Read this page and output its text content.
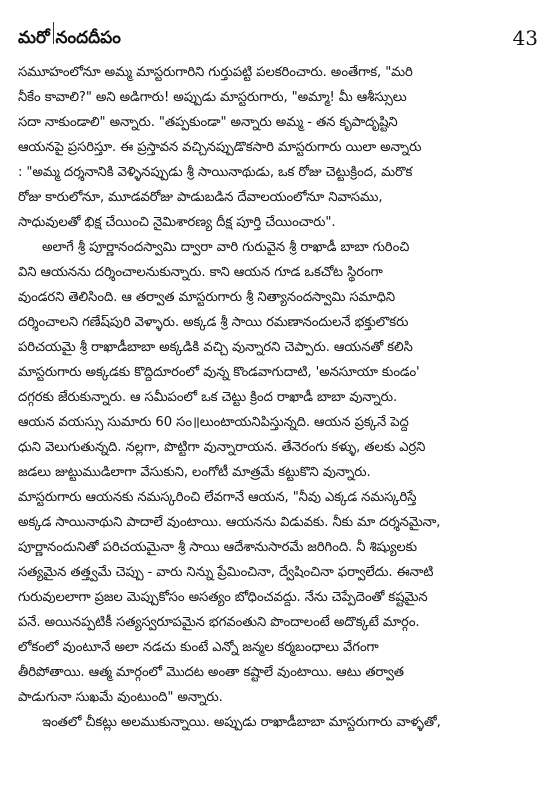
మరో నందదీపం	43
సమూహంలోనూ అమ్మ మాస్టరుగారిని గుర్తుపట్టి పలకరించారు. అంతేగాక, "మరి
నీకేం కావాలి?" అని అడిగారు! అప్పుడు మాస్టరుగారు, "అమ్మా! మీ ఆశీస్సులు
సదా నాకుండాలి" అన్నారు. "తప్పకుండా" అన్నారు అమ్మ - తన కృపాదృష్టిని
ఆయనపై ప్రసరిస్తూ. ఈ ప్రస్తావన వచ్చినప్పుడొకసారి మాస్టరుగారు యిలా అన్నారు
: "అమ్మ దర్శనానికి వెళ్ళినప్పుడు శ్రీ సాయినాథుడు, ఒక రోజు చెట్టుక్రింద, మరొక
రోజు కారులోనూ, మూడవరోజు పాడుబడిన దేవాలయంలోనూ నివాసము,
సాధువులతో భిక్ష చేయించి నైమిశారణ్య దీక్ష పూర్తి చేయించారు".
అలాగే శ్రీ పూర్ణానందస్వామి ద్వారా వారి గురువైన శ్రీ రాఖాడీ బాబా గురించి
విని ఆయనను దర్శించాలనుకున్నారు. కాని ఆయన గూడ ఒకచోట స్థిరంగా
వుండరని తెలిసింది. ఆ తర్వాత మాస్టరుగారు శ్రీ నిత్యానందస్వామి సమాధిని
దర్శించాలని గణేష్‌పురి వెళ్ళారు. అక్కడ శ్రీ సాయి రమణానందులనే భక్తులొకరు
పరిచయమై శ్రీ రాఖాడీబాబా అక్కడికి వచ్చి వున్నారని చెప్పారు. ఆయనతో కలిసి
మాస్టరుగారు అక్కడకు కొద్దిదూరంలో వున్న కొండవాగుదాటి, 'అనసూయా కుండం'
దగ్గరకు జేరుకున్నారు. ఆ సమీపంలో ఒక చెట్టు క్రింద రాఖాడీ బాబా వున్నారు.
ఆయన వయస్సు సుమారు 60 సం॥లుంటాయనిపిస్తున్నది. ఆయన ప్రక్కనే పెద్ద
ధుని వెలుగుతున్నది. నల్లగా, పొట్టిగా వున్నారాయన. తేనెరంగు కళ్ళు, తలకు ఎర్రని
జడలు జుట్టుముడిలాగా వేసుకుని, లంగోటీ మాత్రమే కట్టుకొని వున్నారు.
మాస్టరుగారు ఆయనకు నమస్కరించి లేవగానే ఆయన, "నీవు ఎక్కడ నమస్కరిస్తే
అక్కడ సాయినాథుని పాదాలే వుంటాయి. ఆయనను విడువకు. నీకు మా దర్శనమైనా,
పూర్ణానందునితో పరిచయమైనా శ్రీ సాయి ఆదేశానుసారమే జరిగింది. నీ శిష్యులకు
సత్యమైన తత్త్వమే చెప్పు - వారు నిన్ను ప్రేమించినా, ద్వేషించినా ఫర్వాలేదు. ఈనాటి
గురువులలాగా ప్రజల మెప్పుకోసం అసత్యం బోధించవద్దు. నేను చెప్పేదెంతో కష్టమైన
పనే. అయినప్పటికీ సత్యస్వరూపమైన భగవంతుని పొందాలంటే అదొక్కటే మార్గం.
లోకంలో వుంటూనే అలా నడచు కుంటే ఎన్నో జన్మల కర్మబంధాలు వేగంగా
తీరిపోతాయి. ఆత్మ మార్గంలో మొదట అంతా కష్టాలే వుంటాయి. ఆటు తర్వాత
పాడుగునా సుఖమే వుంటుంది" అన్నారు.
ఇంతలో చీకట్లు అలముకున్నాయి. అప్పుడు రాఖాడీబాబా మాస్టరుగారు వాళ్ళతో,
